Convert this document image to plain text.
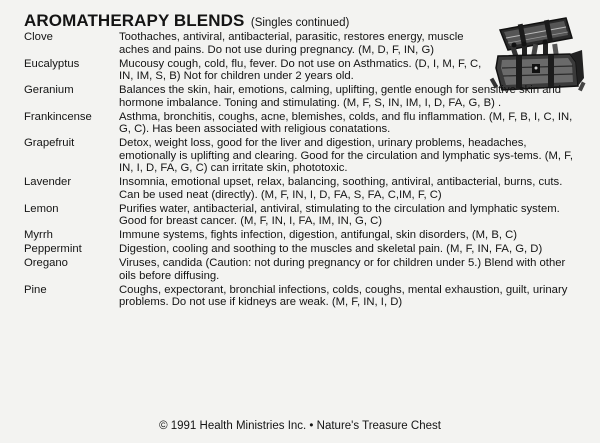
AROMATHERAPY BLENDS (Singles continued)
Clove	Toothaches, antiviral, antibacterial, parasitic, restores energy, muscle aches and pains. Do not use during pregnancy. (M, D, F, IN, G)
Eucalyptus	Mucousy cough, cold, flu, fever. Do not use on Asthmatics. (D, I, M, F, C, IN, IM, S, B) Not for children under 2 years old.
Geranium	Balances the skin, hair, emotions, calming, uplifting, gentle enough for sensitive skin and hormone imbalance. Toning and stimulating. (M, F, S, IN, IM, I, D, FA, G, B) .
Frankincense	Asthma, bronchitis, coughs, acne, blemishes, colds, and flu inflammation. (M, F, B, I, C, IN, G, C). Has been associated with religious conatations.
Grapefruit	Detox, weight loss, good for the liver and digestion, urinary problems, headaches, emotionally is uplifting and clearing. Good for the circulation and lymphatic sys-tems. (M, F, IN, I, D, FA, G, C) can irritate skin, phototoxic.
Lavender	Insomnia, emotional upset, relax, balancing, soothing, antiviral, antibacterial, burns, cuts. Can be used neat (directly). (M, F, IN, I, D, FA, S, FA, C,IM, F, C)
Lemon	Purifies water, antibacterial, antiviral, stimulating to the circulation and lymphatic system. Good for breast cancer. (M, F, IN, I, FA, IM, IN, G, C)
Myrrh	Immune systems, fights infection, digestion, antifungal, skin disorders, (M, B, C)
Peppermint	Digestion, cooling and soothing to the muscles and skeletal pain. (M, F, IN, FA, G, D)
Oregano	Viruses, candida (Caution: not during pregnancy or for children under 5.) Blend with other oils before diffusing.
Pine	Coughs, expectorant, bronchial infections, colds, coughs, mental exhaustion, guilt, urinary problems. Do not use if kidneys are weak. (M, F, IN, I, D)
© 1991 Health Ministries Inc. • Nature's Treasure Chest
